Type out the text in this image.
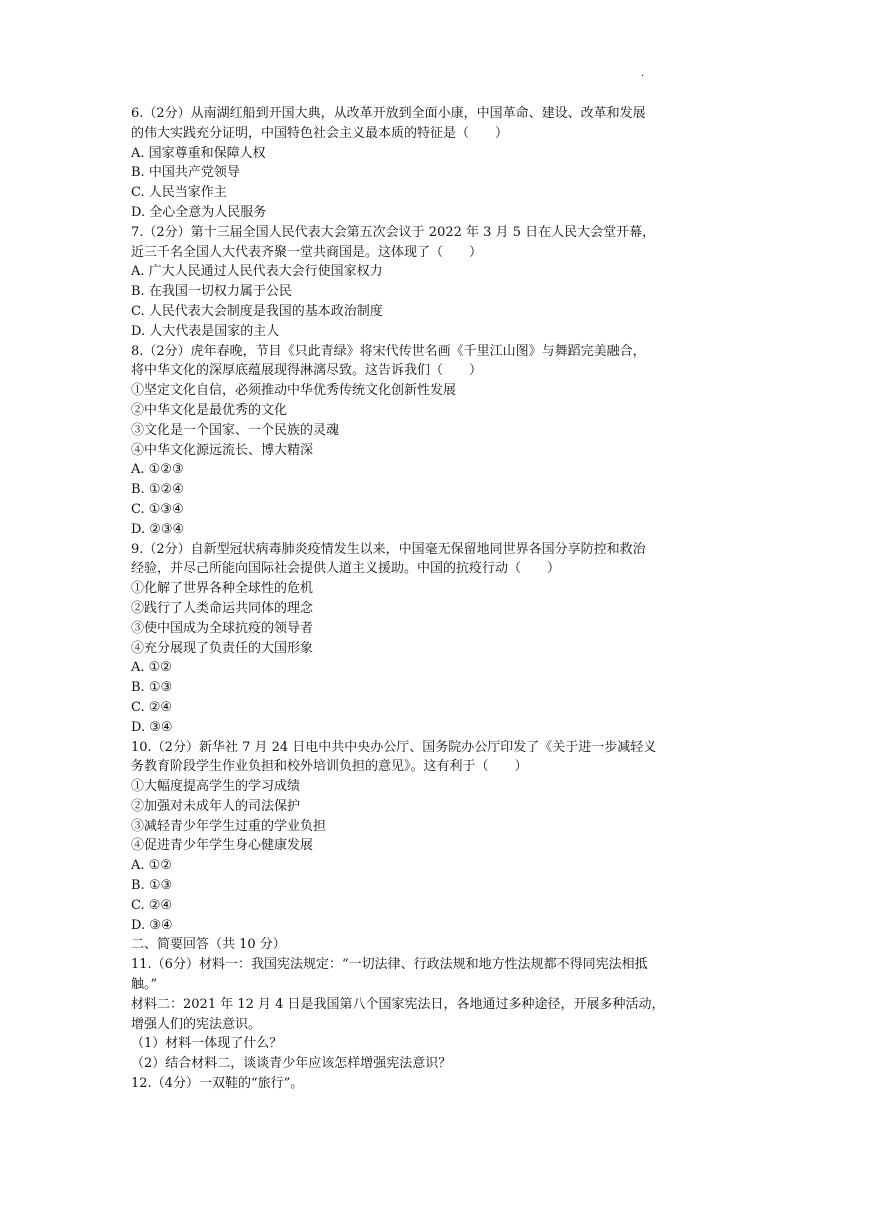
·
6.（2分）从南湖红船到开国大典，从改革开放到全面小康，中国革命、建设、改革和发展
的伟大实践充分证明，中国特色社会主义最本质的特征是（　　）
A. 国家尊重和保障人权
B. 中国共产党领导
C. 人民当家作主
D. 全心全意为人民服务
7.（2分）第十三届全国人民代表大会第五次会议于 2022 年 3 月 5 日在人民大会堂开幕，
近三千名全国人大代表齐聚一堂共商国是。这体现了（　　）
A. 广大人民通过人民代表大会行使国家权力
B. 在我国一切权力属于公民
C. 人民代表大会制度是我国的基本政治制度
D. 人大代表是国家的主人
8.（2分）虎年春晚，节目《只此青绿》将宋代传世名画《千里江山图》与舞蹈完美融合，
将中华文化的深厚底蕴展现得淋漓尽致。这告诉我们（　　）
①坚定文化自信，必须推动中华优秀传统文化创新性发展
②中华文化是最优秀的文化
③文化是一个国家、一个民族的灵魂
④中华文化源远流长、博大精深
A. ①②③
B. ①②④
C. ①③④
D. ②③④
9.（2分）自新型冠状病毒肺炎疫情发生以来，中国毫无保留地同世界各国分享防控和救治
经验，并尽己所能向国际社会提供人道主义援助。中国的抗疫行动（　　）
①化解了世界各种全球性的危机
②践行了人类命运共同体的理念
③使中国成为全球抗疫的领导者
④充分展现了负责任的大国形象
A. ①②
B. ①③
C. ②④
D. ③④
10.（2分）新华社 7 月 24 日电中共中央办公厅、国务院办公厅印发了《关于进一步减轻义
务教育阶段学生作业负担和校外培训负担的意见》。这有利于（　　）
①大幅度提高学生的学习成绩
②加强对未成年人的司法保护
③减轻青少年学生过重的学业负担
④促进青少年学生身心健康发展
A. ①②
B. ①③
C. ②④
D. ③④
二、简要回答（共 10 分）
11.（6分）材料一：我国宪法规定：“一切法律、行政法规和地方性法规都不得同宪法相抵
触。”
材料二：2021 年 12 月 4 日是我国第八个国家宪法日，各地通过多种途径，开展多种活动，
增强人们的宪法意识。
（1）材料一体现了什么？
（2）结合材料二，谈谈青少年应该怎样增强宪法意识？
12.（4分）一双鞋的“旅行”。
